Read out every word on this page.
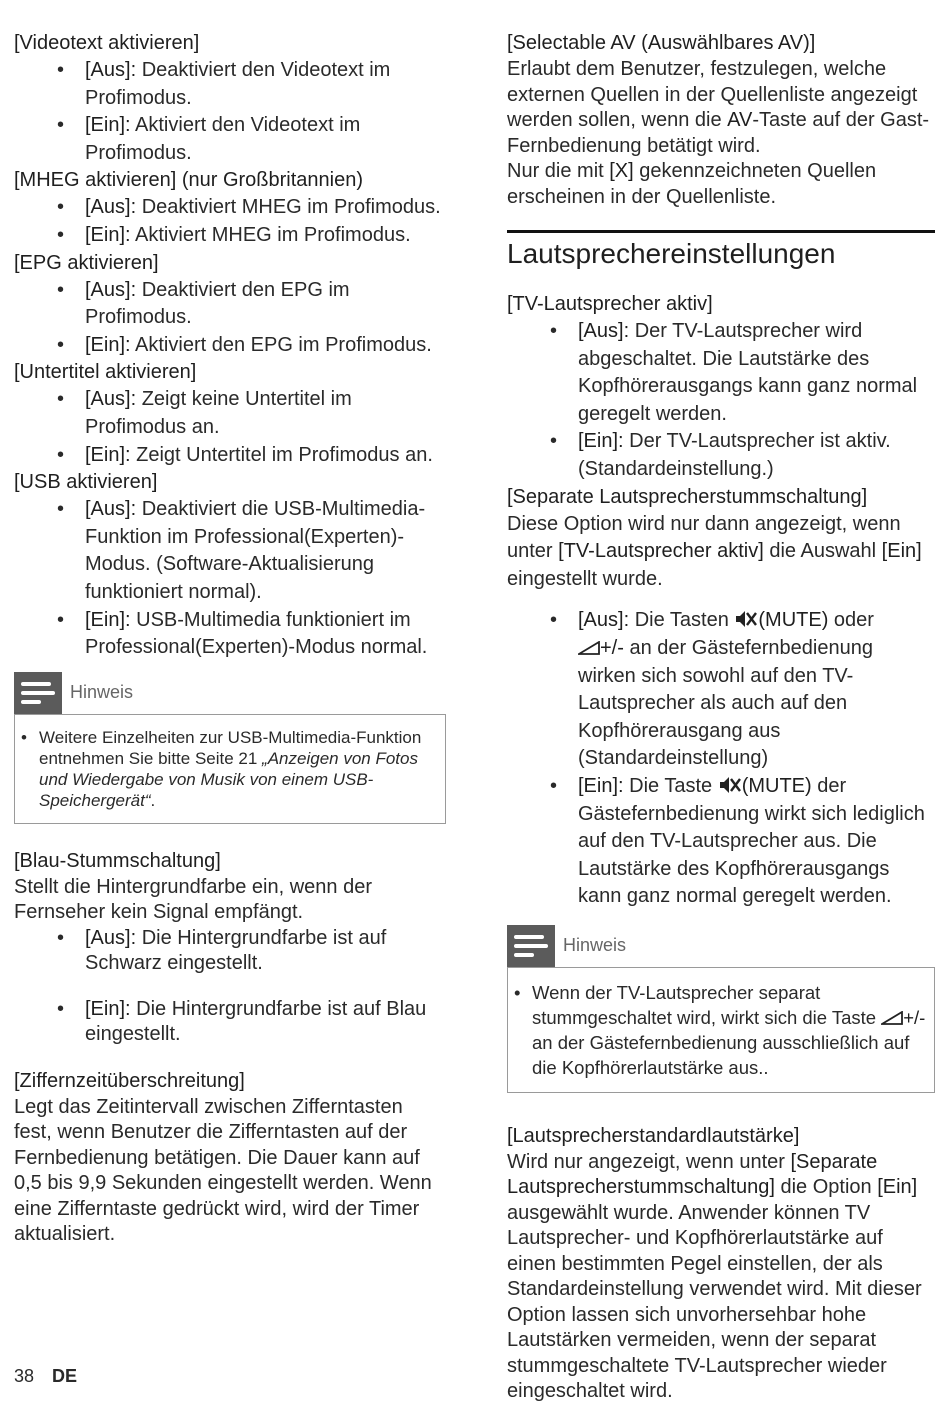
[Videotext aktivieren]

• [Aus]: Deaktiviert den Videotext im Profimodus.
• [Ein]: Aktiviert den Videotext im Profimodus.

[MHEG aktivieren] (nur Großbritannien)

• [Aus]: Deaktiviert MHEG im Profimodus.
• [Ein]: Aktiviert MHEG im Profimodus.

[EPG aktivieren]

• [Aus]: Deaktiviert den EPG im Profimodus.
• [Ein]: Aktiviert den EPG im Profimodus.

[Untertitel aktivieren]

• [Aus]: Zeigt keine Untertitel im Profimodus an.
• [Ein]: Zeigt Untertitel im Profimodus an.

[USB aktivieren]

• [Aus]: Deaktiviert die USB-Multimedia-Funktion im Professional(Experten)-Modus. (Software-Aktualisierung funktioniert normal).
• [Ein]: USB-Multimedia funktioniert im Professional(Experten)-Modus normal.
Hinweis
• Weitere Einzelheiten zur USB-Multimedia-Funktion entnehmen Sie bitte Seite 21 „Anzeigen von Fotos und Wiedergabe von Musik von einem USB-Speichergerät“.

[Blau-Stummschaltung]

Stellt die Hintergrundfarbe ein, wenn der Fernseher kein Signal empfängt.

• [Aus]: Die Hintergrundfarbe ist auf Schwarz eingestellt.
• [Ein]: Die Hintergrundfarbe ist auf Blau eingestellt.

[Ziffernzeitüberschreitung]

Legt das Zeitintervall zwischen Zifferntasten fest, wenn Benutzer die Zifferntasten auf der Fernbedienung betätigen. Die Dauer kann auf 0,5 bis 9,9 Sekunden eingestellt werden. Wenn eine Zifferntaste gedrückt wird, wird der Timer aktualisiert.

[Selectable AV (Auswählbares AV)]

Erlaubt dem Benutzer, festzulegen, welche externen Quellen in der Quellenliste angezeigt werden sollen, wenn die AV-Taste auf der Gast-Fernbedienung betätigt wird.

Nur die mit [X] gekennzeichneten Quellen erscheinen in der Quellenliste.

Lautsprechereinstellungen

[TV-Lautsprecher aktiv]

• [Aus]: Der TV-Lautsprecher wird abgeschaltet. Die Lautstärke des Kopfhörerausgangs kann ganz normal geregelt werden.
• [Ein]: Der TV-Lautsprecher ist aktiv. (Standardeinstellung.)

[Separate Lautsprecherstummschaltung]

Diese Option wird nur dann angezeigt, wenn unter [TV-Lautsprecher aktiv] die Auswahl [Ein] eingestellt wurde.

• [Aus]: Die Tasten (MUTE) oder
+/- an der Gästefernbedienung wirken sich sowohl auf den TV-Lautsprecher als auch auf den Kopfhörerausgang aus (Standardeinstellung)
• [Ein]: Die Taste (MUTE) der Gästefernbedienung wirkt sich lediglich auf den TV-Lautsprecher aus. Die Lautstärke des Kopfhörerausgangs kann ganz normal geregelt werden.
Hinweis
• Wenn der TV-Lautsprecher separat stummgeschaltet wird, wirkt sich die Taste +/- an der Gästefernbedienung ausschließlich auf die Kopfhörerlautstärke aus..

[Lautsprecherstandardlautstärke]

Wird nur angezeigt, wenn unter [Separate Lautsprecherstummschaltung] die Option [Ein] ausgewählt wurde. Anwender können TV Lautsprecher- und Kopfhörerlautstärke auf einen bestimmten Pegel einstellen, der als Standardeinstellung verwendet wird. Mit dieser Option lassen sich unvorhersehbar hohe Lautstärken vermeiden, wenn der separat stummgeschaltete TV-Lautsprecher wieder eingeschaltet wird.

38 DE
